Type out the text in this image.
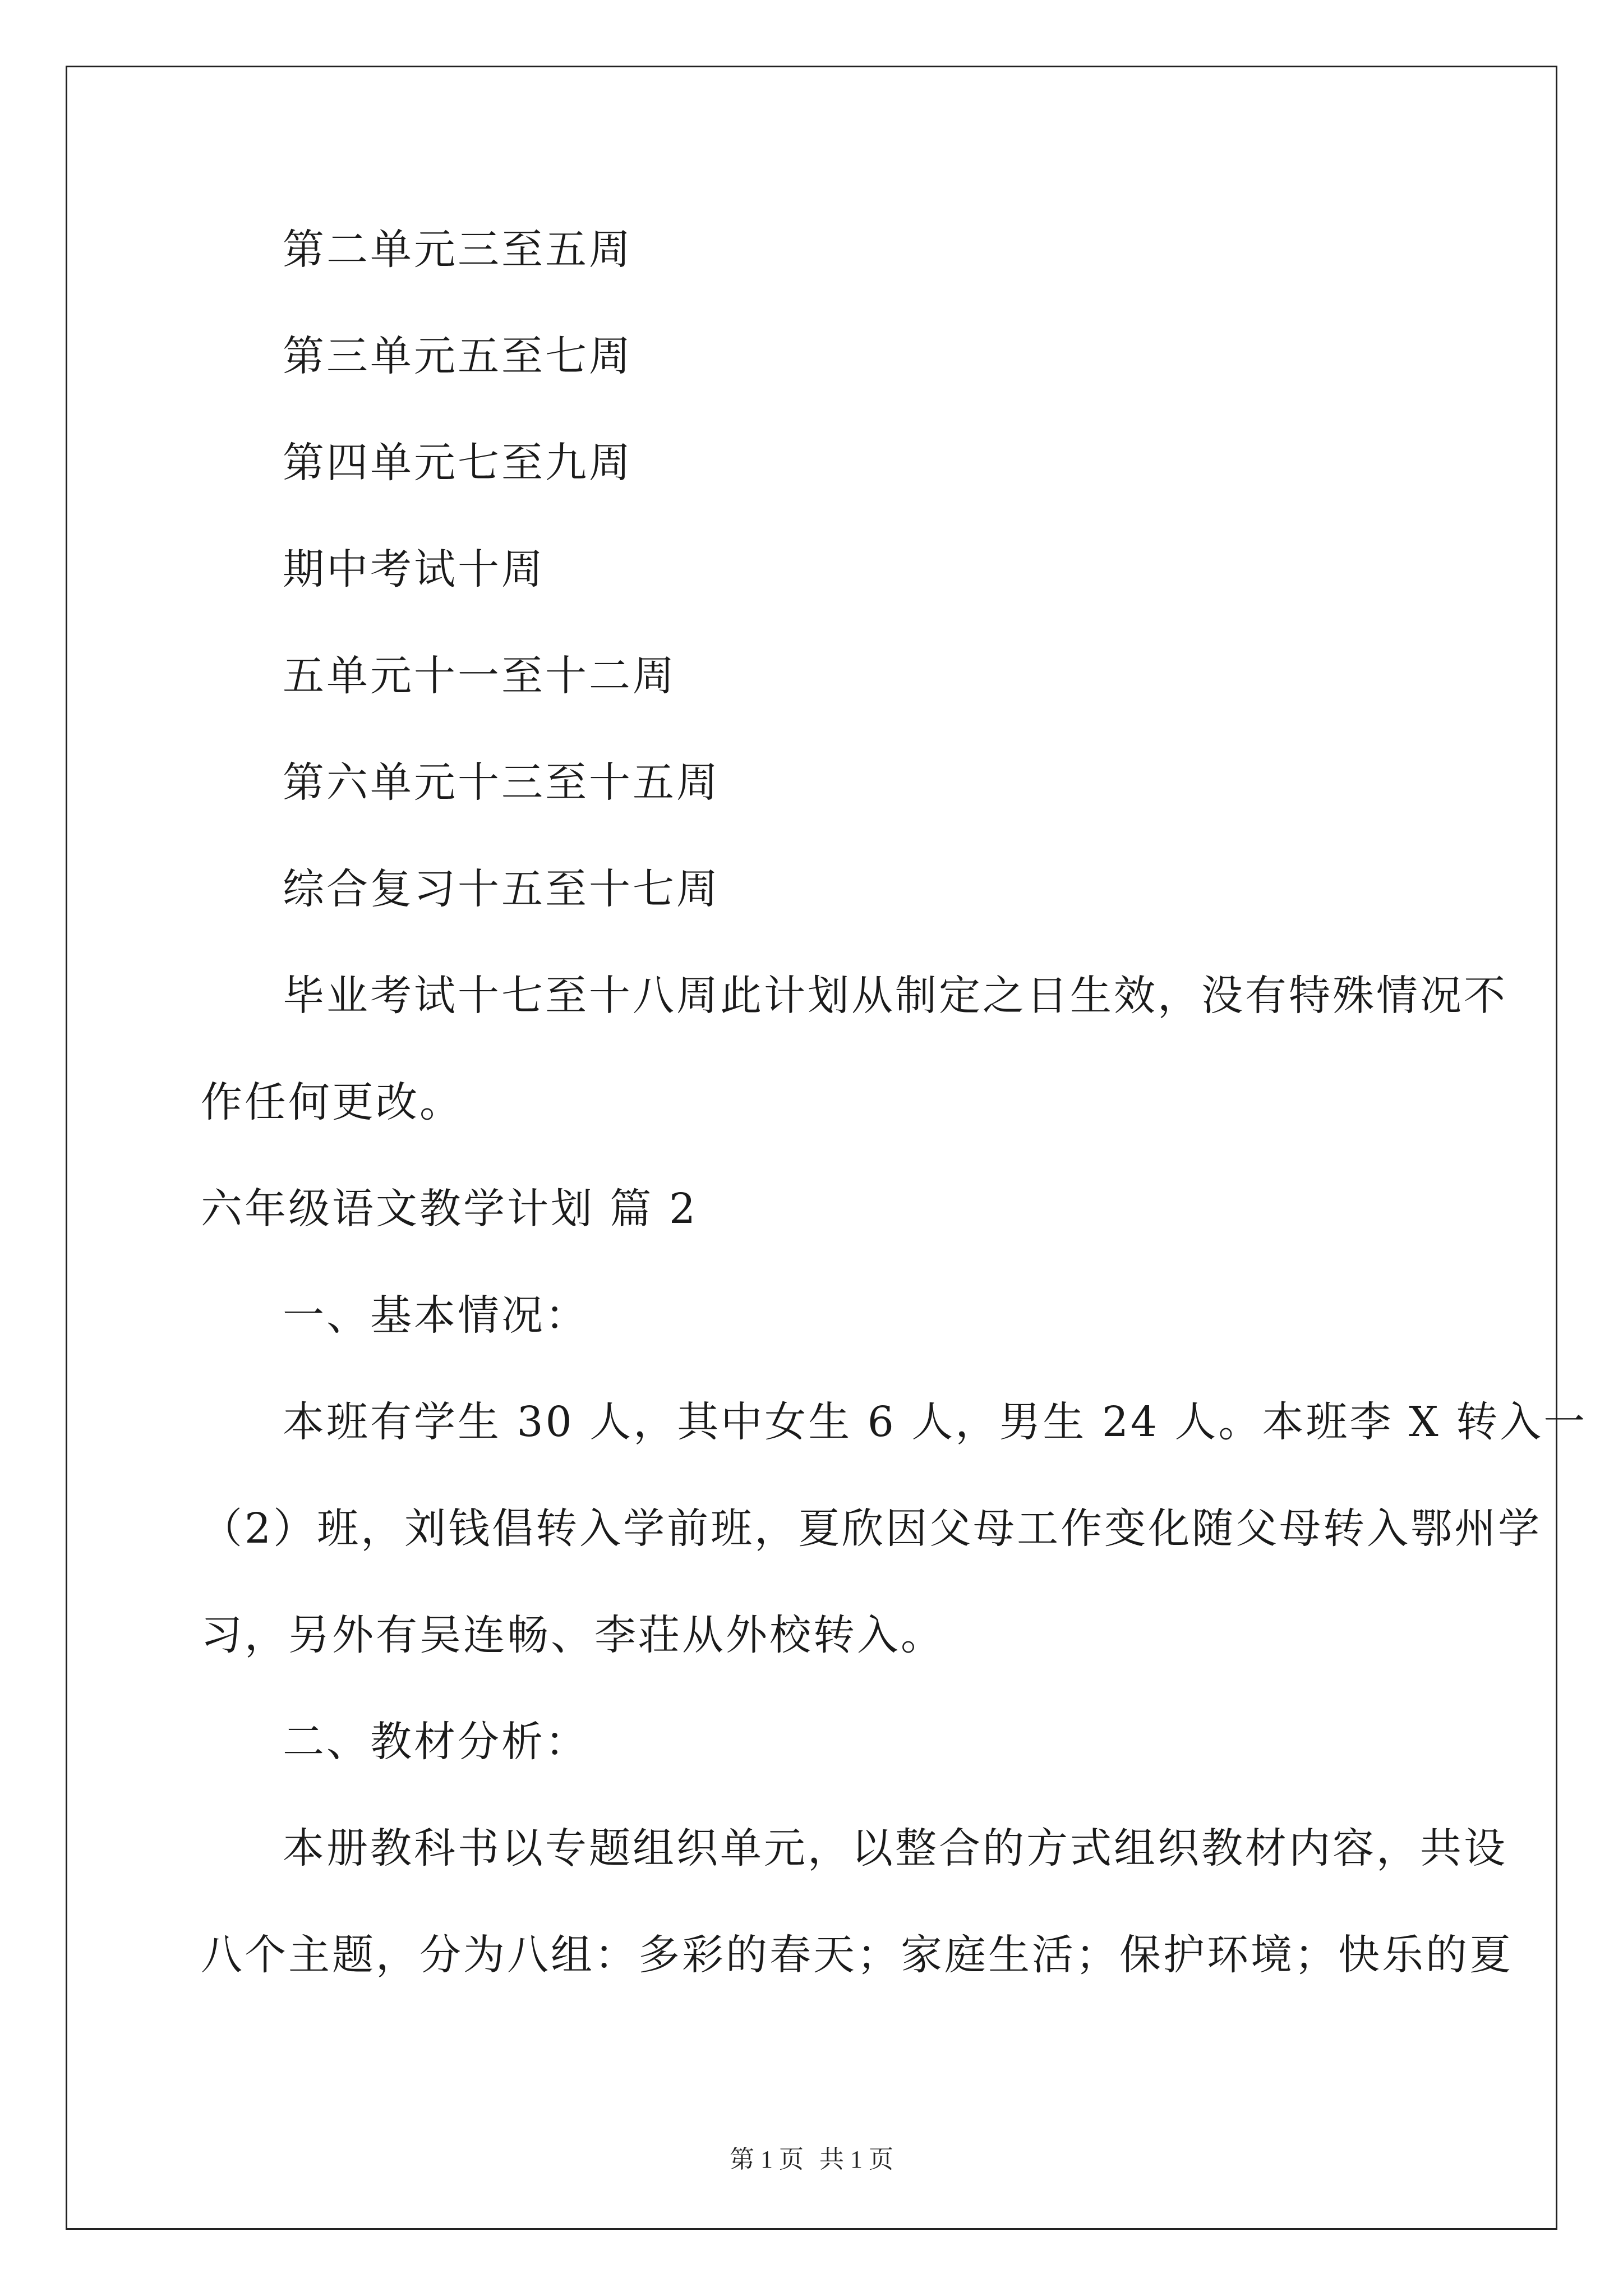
第二单元三至五周
第三单元五至七周
第四单元七至九周
期中考试十周
五单元十一至十二周
第六单元十三至十五周
综合复习十五至十七周
毕业考试十七至十八周此计划从制定之日生效，没有特殊情况不
作任何更改。
六年级语文教学计划 篇 2
一、基本情况：
本班有学生 30 人，其中女生 6 人，男生 24 人。本班李 X 转入一
（2）班，刘钱倡转入学前班，夏欣因父母工作变化随父母转入鄂州学
习，另外有吴连畅、李荘从外校转入。
二、教材分析：
本册教科书以专题组织单元，以整合的方式组织教材内容，共设
八个主题，分为八组：多彩的春天；家庭生活；保护环境；快乐的夏
第 1 页 共 1 页
